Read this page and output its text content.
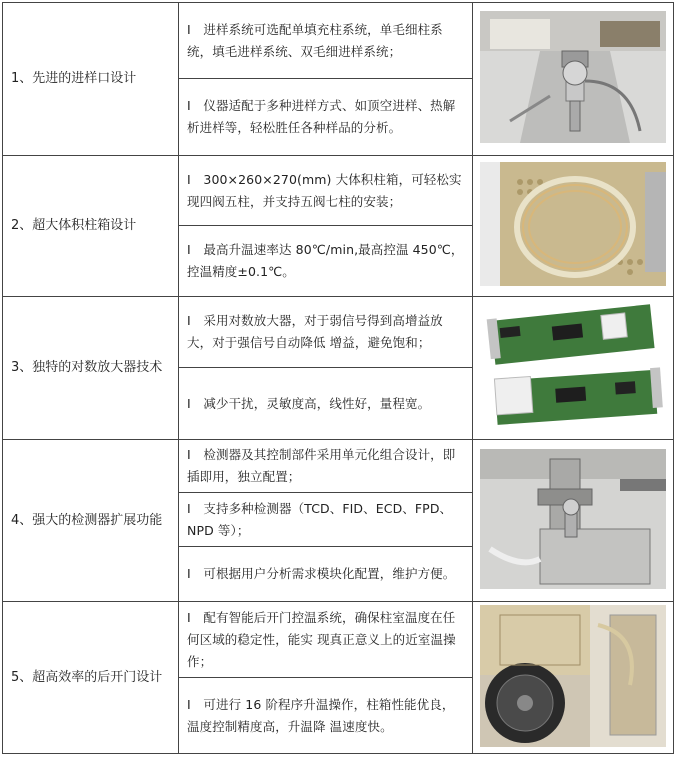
1、先进的进样口设计	I　进样系统可选配单填充柱系统，单毛细柱系统，填毛进样系统、双毛细进样系统；	
	I　仪器适配于多种进样方式、如顶空进样、热解析进样等，轻松胜任各种样品的分析。	
2、超大体积柱箱设计	I　300×260×270(mm) 大体积柱箱，可轻松实现四阀五柱，并支持五阀七柱的安装；	
	I　最高升温速率达 80℃/min,最高控温 450℃，控温精度±0.1℃。	
3、独特的对数放大器技术	I　采用对数放大器，对于弱信号得到高增益放大，对于强信号自动降低 增益，避免饱和；	
	I　减少干扰，灵敏度高，线性好，量程宽。	
4、强大的检测器扩展功能	I　检测器及其控制部件采用单元化组合设计，即插即用，独立配置；	
	I　支持多种检测器（TCD、FID、ECD、FPD、NPD 等）；	
	I　可根据用户分析需求模块化配置，维护方便。	
5、超高效率的后开门设计	I　配有智能后开门控温系统，确保柱室温度在任何区域的稳定性，能实 现真正意义上的近室温操作；	
	I　可进行 16 阶程序升温操作，柱箱性能优良，温度控制精度高，升温降 温速度快。	
